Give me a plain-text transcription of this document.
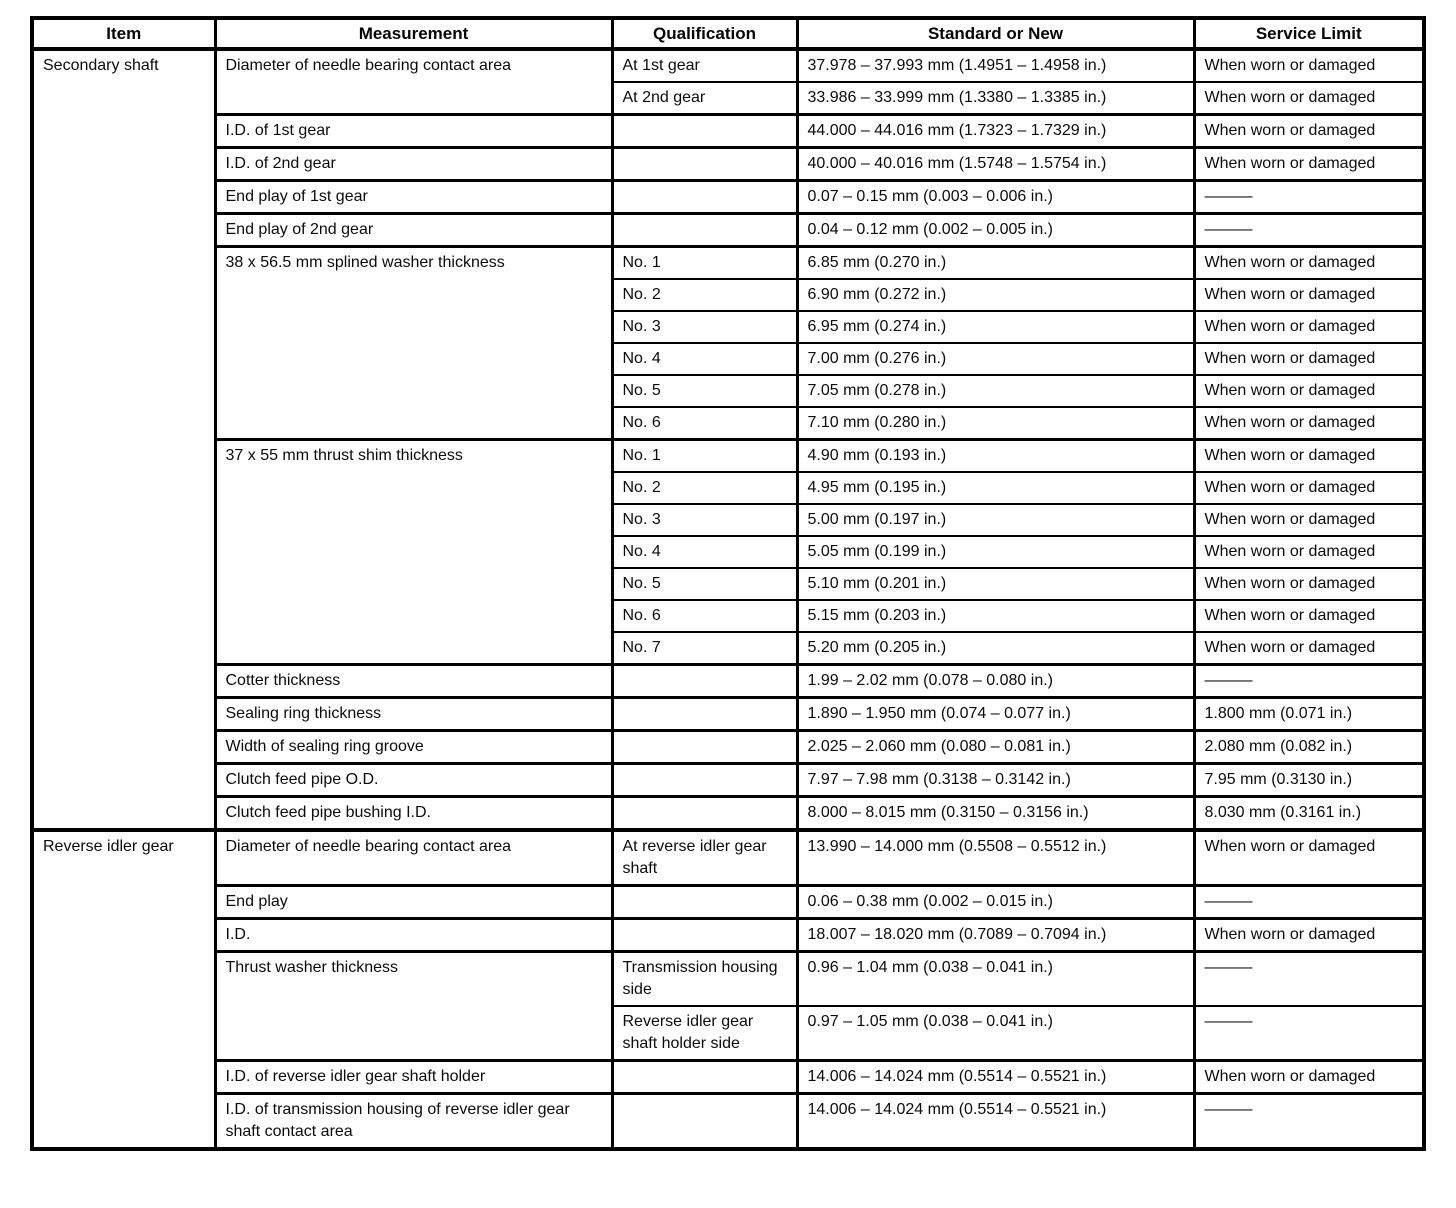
Item	Measurement	Qualification	Standard or New	Service Limit
Secondary shaft	Diameter of needle bearing contact area	At 1st gear	37.978 – 37.993 mm (1.4951 – 1.4958 in.)	When worn or damaged
		At 2nd gear	33.986 – 33.999 mm (1.3380 – 1.3385 in.)	When worn or damaged
	I.D. of 1st gear		44.000 – 44.016 mm (1.7323 – 1.7329 in.)	When worn or damaged
	I.D. of 2nd gear		40.000 – 40.016 mm (1.5748 – 1.5754 in.)	When worn or damaged
	End play of 1st gear		0.07 – 0.15 mm (0.003 – 0.006 in.)	———
	End play of 2nd gear		0.04 – 0.12 mm (0.002 – 0.005 in.)	———
	38 x 56.5 mm splined washer thickness	No. 1	6.85 mm (0.270 in.)	When worn or damaged
		No. 2	6.90 mm (0.272 in.)	When worn or damaged
		No. 3	6.95 mm (0.274 in.)	When worn or damaged
		No. 4	7.00 mm (0.276 in.)	When worn or damaged
		No. 5	7.05 mm (0.278 in.)	When worn or damaged
		No. 6	7.10 mm (0.280 in.)	When worn or damaged
	37 x 55 mm thrust shim thickness	No. 1	4.90 mm (0.193 in.)	When worn or damaged
		No. 2	4.95 mm (0.195 in.)	When worn or damaged
		No. 3	5.00 mm (0.197 in.)	When worn or damaged
		No. 4	5.05 mm (0.199 in.)	When worn or damaged
		No. 5	5.10 mm (0.201 in.)	When worn or damaged
		No. 6	5.15 mm (0.203 in.)	When worn or damaged
		No. 7	5.20 mm (0.205 in.)	When worn or damaged
	Cotter thickness		1.99 – 2.02 mm (0.078 – 0.080 in.)	———
	Sealing ring thickness		1.890 – 1.950 mm (0.074 – 0.077 in.)	1.800 mm (0.071 in.)
	Width of sealing ring groove		2.025 – 2.060 mm (0.080 – 0.081 in.)	2.080 mm (0.082 in.)
	Clutch feed pipe O.D.		7.97 – 7.98 mm (0.3138 – 0.3142 in.)	7.95 mm (0.3130 in.)
	Clutch feed pipe bushing I.D.		8.000 – 8.015 mm (0.3150 – 0.3156 in.)	8.030 mm (0.3161 in.)
Reverse idler gear	Diameter of needle bearing contact area	At reverse idler gear shaft	13.990 – 14.000 mm (0.5508 – 0.5512 in.)	When worn or damaged
	End play		0.06 – 0.38 mm (0.002 – 0.015 in.)	———
	I.D.		18.007 – 18.020 mm (0.7089 – 0.7094 in.)	When worn or damaged
	Thrust washer thickness	Transmission housing side	0.96 – 1.04 mm (0.038 – 0.041 in.)	———
		Reverse idler gear shaft holder side	0.97 – 1.05 mm (0.038 – 0.041 in.)	———
	I.D. of reverse idler gear shaft holder		14.006 – 14.024 mm (0.5514 – 0.5521 in.)	When worn or damaged
	I.D. of transmission housing of reverse idler gear shaft contact area		14.006 – 14.024 mm (0.5514 – 0.5521 in.)	———
